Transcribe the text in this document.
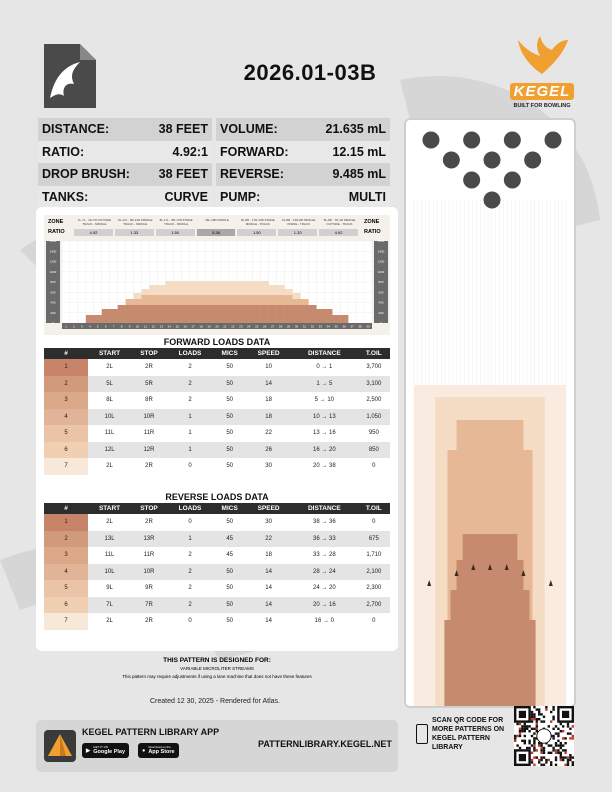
2026.01-03B
KEGEL
BUILT FOR BOWLING
DISTANCE:	38 FEET VOLUME:	21.635 mL
RATIO:	4.92:1 FORWARD:	12.15 mL
DROP BRUSH: 38 FEET REVERSE:	9.485 mL
TANKS:	CURVE PUMP:	MULTI
ZONE	ZONE
RATIO	RATIO
1L-7L · 1R-7R OUTSIDE TRACK - MIDDLE
4.92
8L-12L · 8R-12R MIDDLE TRACK - MIDDLE
1.33
8L-17L · 8R-17R INSIDE TRACK - MIDDLE
1.50
18L-18R MIDDLE
5.38
8L-8R · 17R-13R INSIDE MIDDLE - TRACK
1.50
9L-8R · 12R-8R MIDDLE INSIDE - TRACK
1.33
8L-8R · 7R-1R MIDDLE OUTSIDE - TRACK
4.92
1600	1600
1400	1400
1200	1200
1000	1000
800	800
600	600
400	400
200	200
0	0
1 2 3 4 5 6 7 8 9 10 11 12 13 14 15 16 17 18 19 20 21 22 23 24 25 26 27 28 29 30 31 32 33 34 35 36 37 38 39
FORWARD LOADS DATA
#	START	STOP	LOADS	MICS	SPEED	DISTANCE	T.OIL
1	2L	2R	2	50	10	0 → 1	3,700
2	5L	5R	2	50	14	1 → 5	3,100
3	8L	8R	2	50	18	5 → 10	2,500
4	10L	10R	1	50	18	10 → 13	1,050
5	11L	11R	1	50	22	13 → 16	950
6	12L	12R	1	50	26	16 → 20	850
7	2L	2R	0	50	30	20 → 38	0
REVERSE LOADS DATA
#	START	STOP	LOADS	MICS	SPEED	DISTANCE	T.OIL
1	2L	2R	0	50	30	38 → 36	0
2	13L	13R	1	45	22	36 → 33	675
3	11L	11R	2	45	18	33 → 28	1,710
4	10L	10R	2	50	14	28 → 24	2,100
5	9L	9R	2	50	14	24 → 20	2,300
6	7L	7R	2	50	14	20 → 16	2,700
7	2L	2R	0	50	14	16 → 0	0
THIS PATTERN IS DESIGNED FOR:
VARIABLE MICROLITER STREAMS
This pattern may require adjustments if using a lane machine that does not have these features
Created 12 30, 2025 - Rendered for Atlas.
KEGEL PATTERN LIBRARY APP
▶
GET IT ON
Google Play	●
Download on the
App Store
PATTERNLIBRARY.KEGEL.NET
SCAN QR CODE FOR MORE PATTERNS ON KEGEL PATTERN LIBRARY
